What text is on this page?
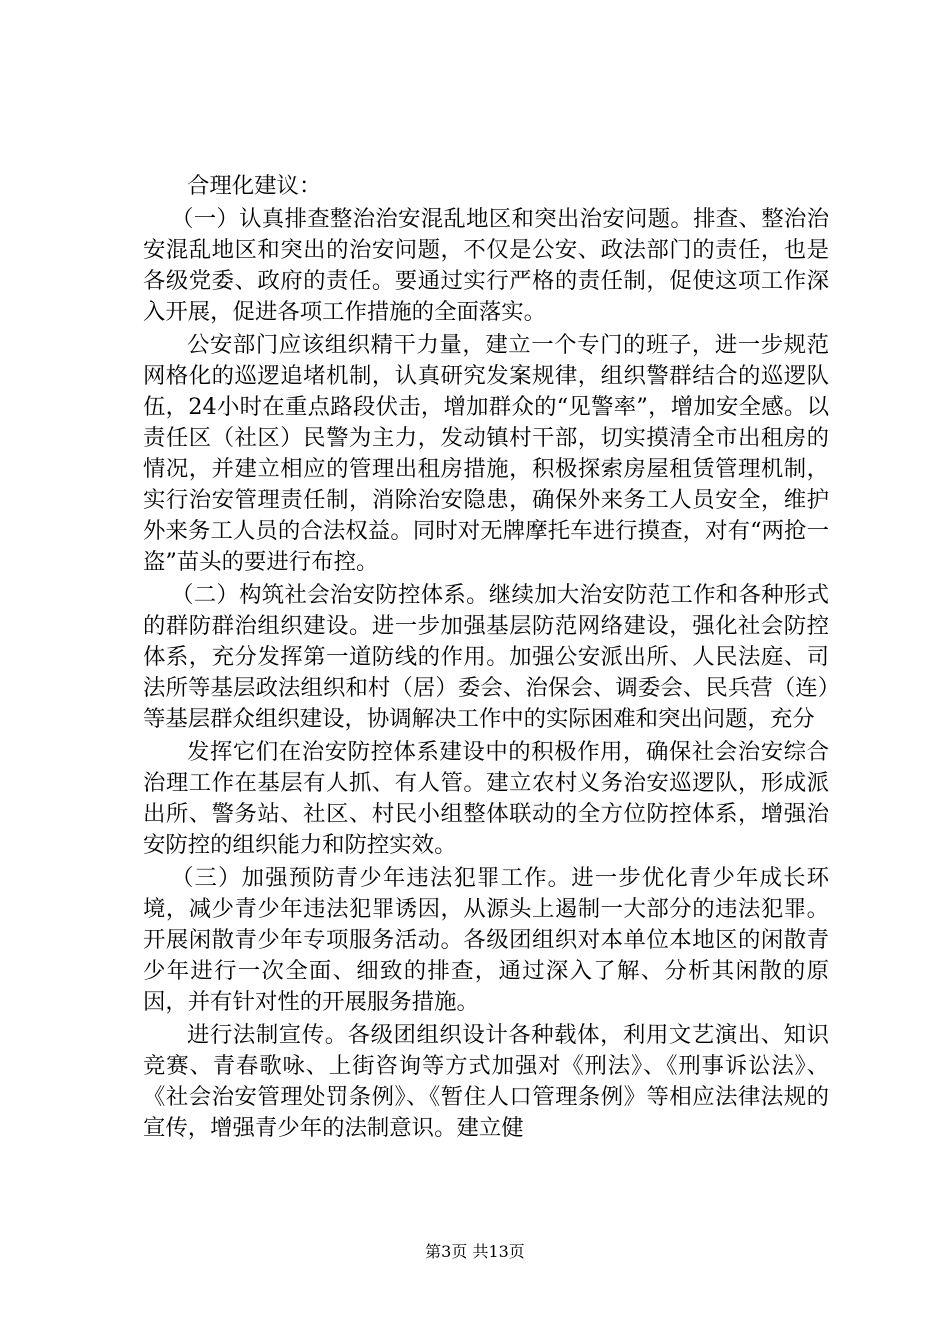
合理化建议：

（一）认真排查整治治安混乱地区和突出治安问题。排查、整治治安混乱地区和突出的治安问题，不仅是公安、政法部门的责任，也是各级党委、政府的责任。要通过实行严格的责任制，促使这项工作深入开展，促进各项工作措施的全面落实。

公安部门应该组织精干力量，建立一个专门的班子，进一步规范网格化的巡逻追堵机制，认真研究发案规律，组织警群结合的巡逻队伍，24小时在重点路段伏击，增加群众的“见警率”，增加安全感。以责任区（社区）民警为主力，发动镇村干部，切实摸清全市出租房的情况，并建立相应的管理出租房措施，积极探索房屋租赁管理机制，实行治安管理责任制，消除治安隐患，确保外来务工人员安全，维护外来务工人员的合法权益。同时对无牌摩托车进行摸查，对有“两抢一盗”苗头的要进行布控。

（二）构筑社会治安防控体系。继续加大治安防范工作和各种形式的群防群治组织建设。进一步加强基层防范网络建设，强化社会防控体系，充分发挥第一道防线的作用。加强公安派出所、人民法庭、司法所等基层政法组织和村（居）委会、治保会、调委会、民兵营（连）等基层群众组织建设，协调解决工作中的实际困难和突出问题，充分

发挥它们在治安防控体系建设中的积极作用，确保社会治安综合治理工作在基层有人抓、有人管。建立农村义务治安巡逻队，形成派出所、警务站、社区、村民小组整体联动的全方位防控体系，增强治安防控的组织能力和防控实效。

（三）加强预防青少年违法犯罪工作。进一步优化青少年成长环境，减少青少年违法犯罪诱因，从源头上遏制一大部分的违法犯罪。开展闲散青少年专项服务活动。各级团组织对本单位本地区的闲散青少年进行一次全面、细致的排查，通过深入了解、分析其闲散的原因，并有针对性的开展服务措施。

进行法制宣传。各级团组织设计各种载体，利用文艺演出、知识竞赛、青春歌咏、上街咨询等方式加强对《刑法》、《刑事诉讼法》、《社会治安管理处罚条例》、《暂住人口管理条例》等相应法律法规的宣传，增强青少年的法制意识。建立健

第3页 共13页
